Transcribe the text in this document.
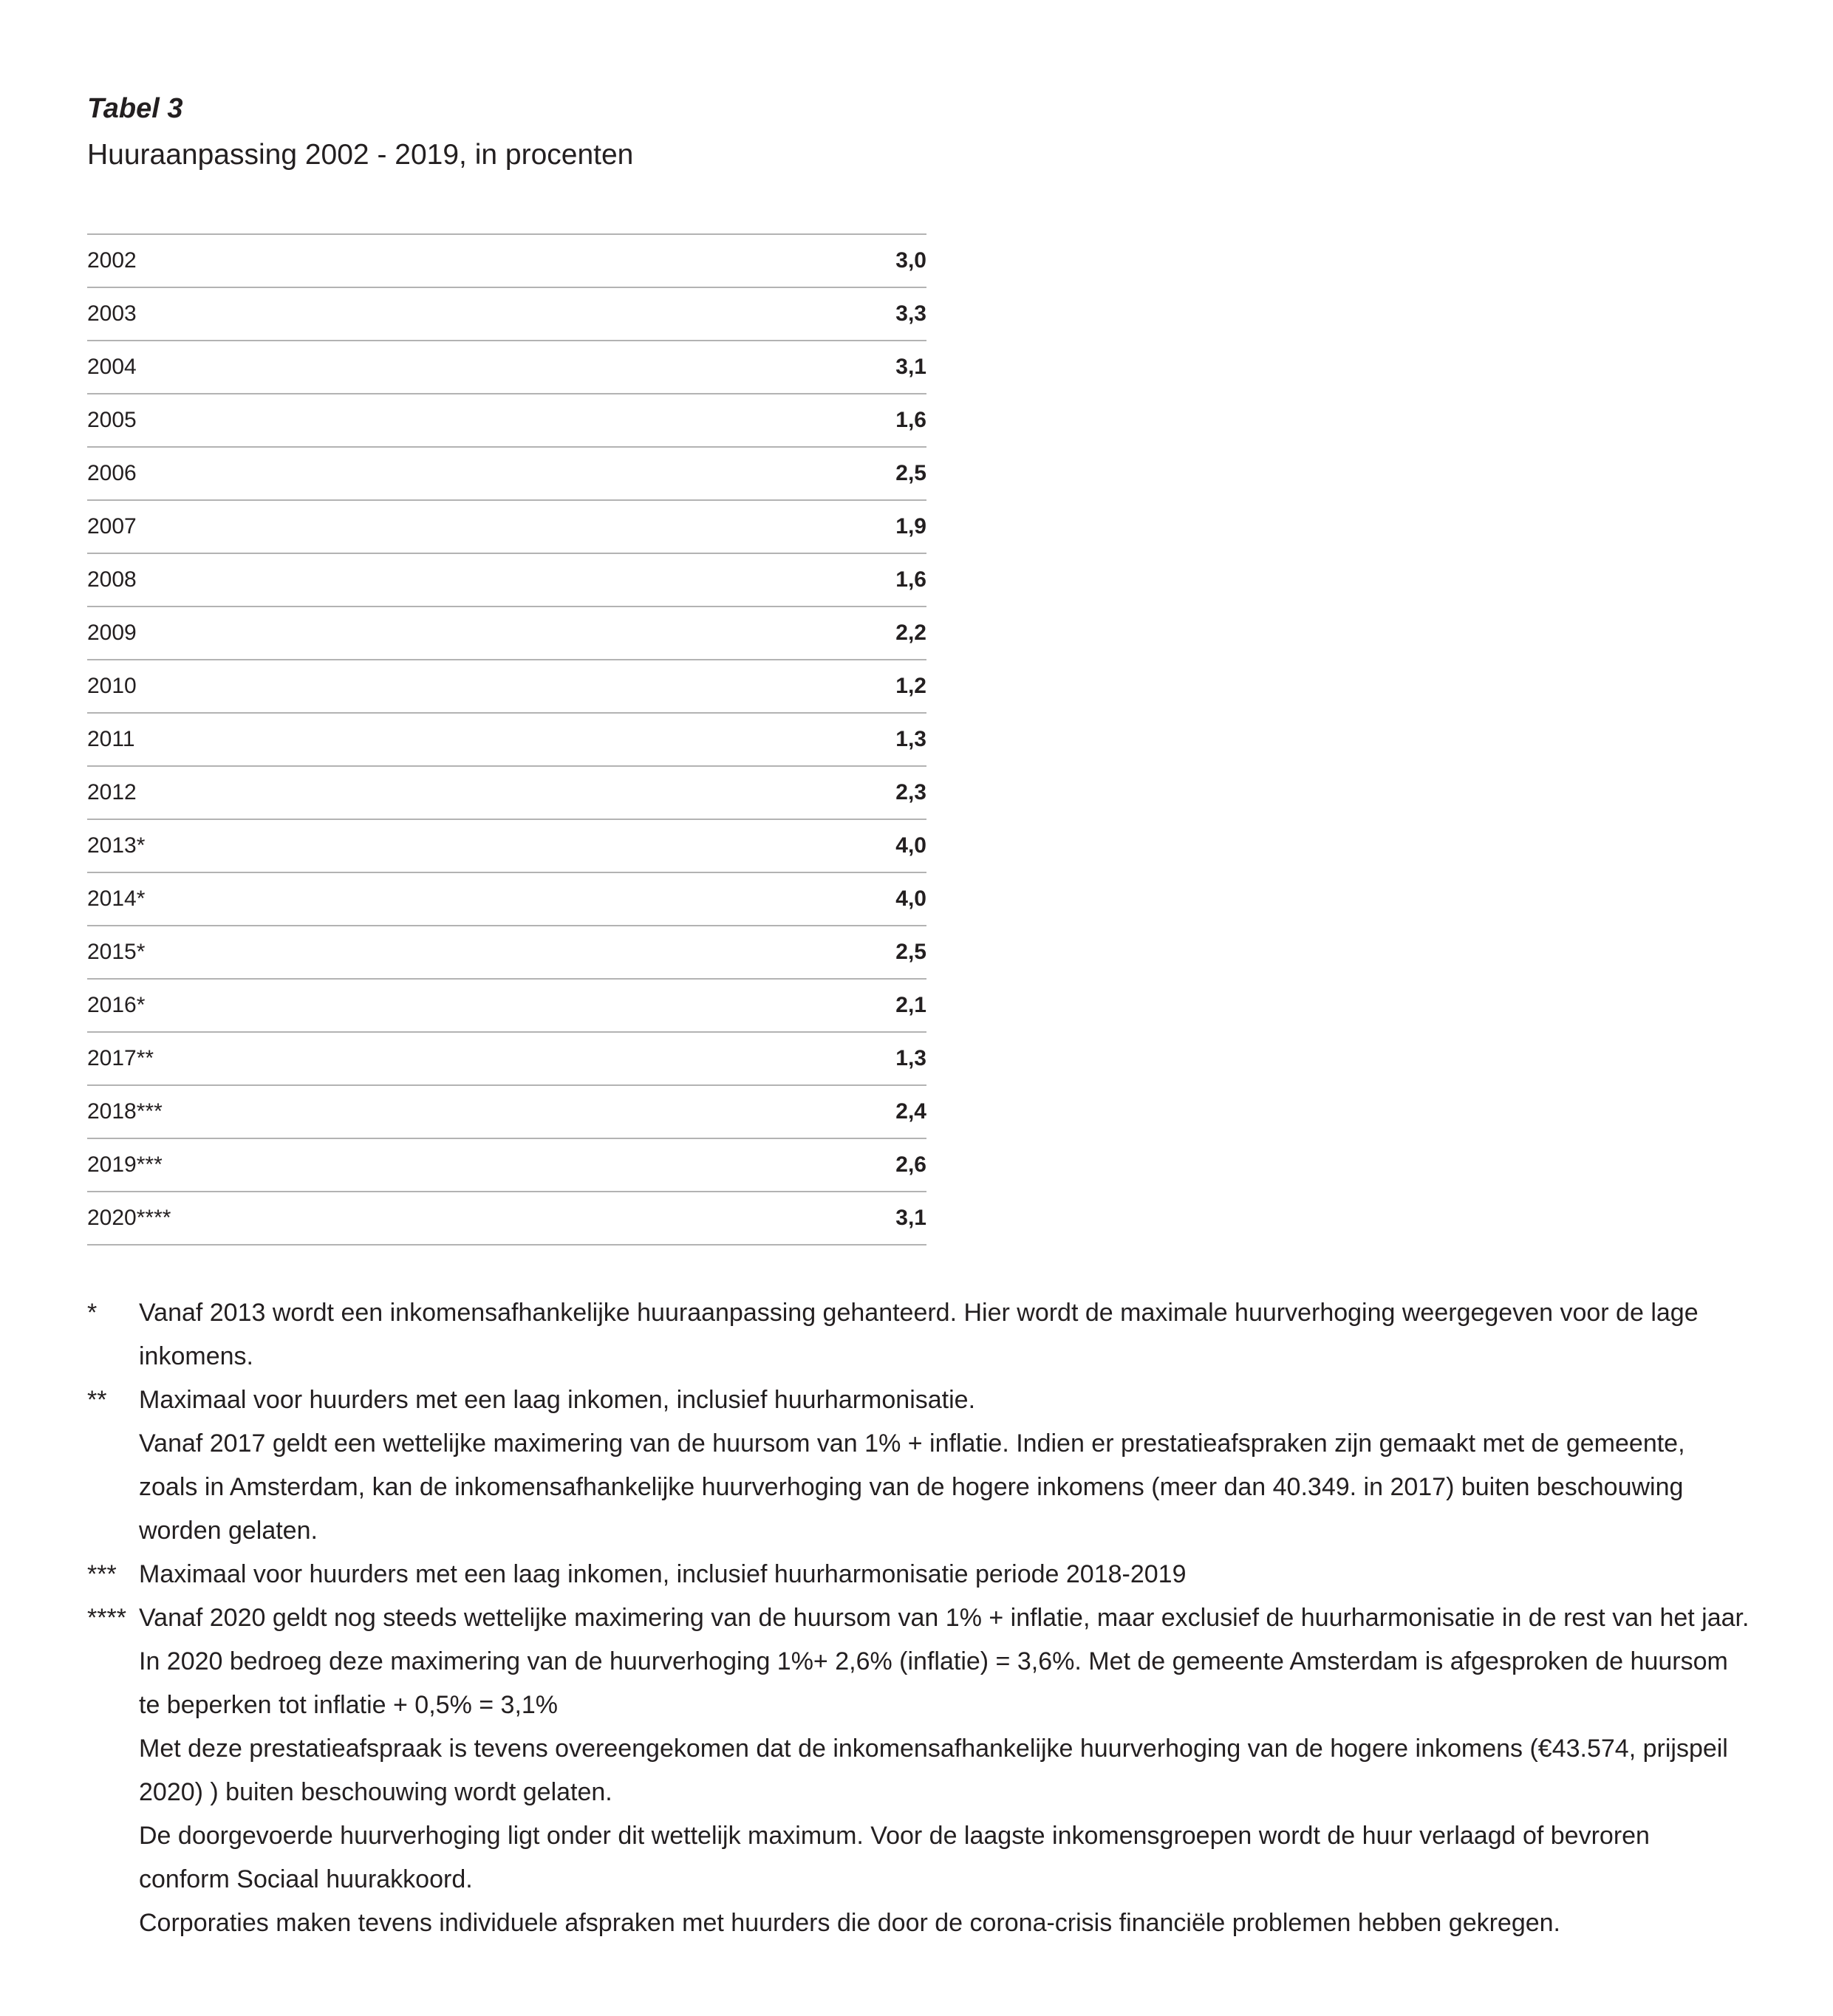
Tabel 3
Huuraanpassing 2002 - 2019, in procenten
2002	3,0
2003	3,3
2004	3,1
2005	1,6
2006	2,5
2007	1,9
2008	1,6
2009	2,2
2010	1,2
2011	1,3
2012	2,3
2013*	4,0
2014*	4,0
2015*	2,5
2016*	2,1
2017**	1,3
2018***	2,4
2019***	2,6
2020****	3,1
*	Vanaf 2013 wordt een inkomensafhankelijke huuraanpassing gehanteerd. Hier wordt de maximale huurverhoging weergegeven voor de lage
inkomens.
**	Maximaal voor huurders met een laag inkomen, inclusief huurharmonisatie.
Vanaf 2017 geldt een wettelijke maximering van de huursom van 1% + inflatie. Indien er prestatieafspraken zijn gemaakt met de gemeente,
zoals in Amsterdam, kan de inkomensafhankelijke huurverhoging van de hogere inkomens (meer dan 40.349. in 2017) buiten beschouwing
worden gelaten.
*** Maximaal voor huurders met een laag inkomen, inclusief huurharmonisatie periode 2018-2019
**** Vanaf 2020 geldt nog steeds wettelijke maximering van de huursom van 1% + inflatie, maar exclusief de huurharmonisatie in de rest van het jaar.
In 2020 bedroeg deze maximering van de huurverhoging 1%+ 2,6% (inflatie) = 3,6%. Met de gemeente Amsterdam is afgesproken de huursom
te beperken tot inflatie + 0,5% = 3,1%
Met deze prestatieafspraak is tevens overeengekomen dat de inkomensafhankelijke huurverhoging van de hogere inkomens (€43.574, prijspeil
2020) ) buiten beschouwing wordt gelaten.
De doorgevoerde huurverhoging ligt onder dit wettelijk maximum. Voor de laagste inkomensgroepen wordt de huur verlaagd of bevroren
conform Sociaal huurakkoord.
Corporaties maken tevens individuele afspraken met huurders die door de corona-crisis financiële problemen hebben gekregen.
